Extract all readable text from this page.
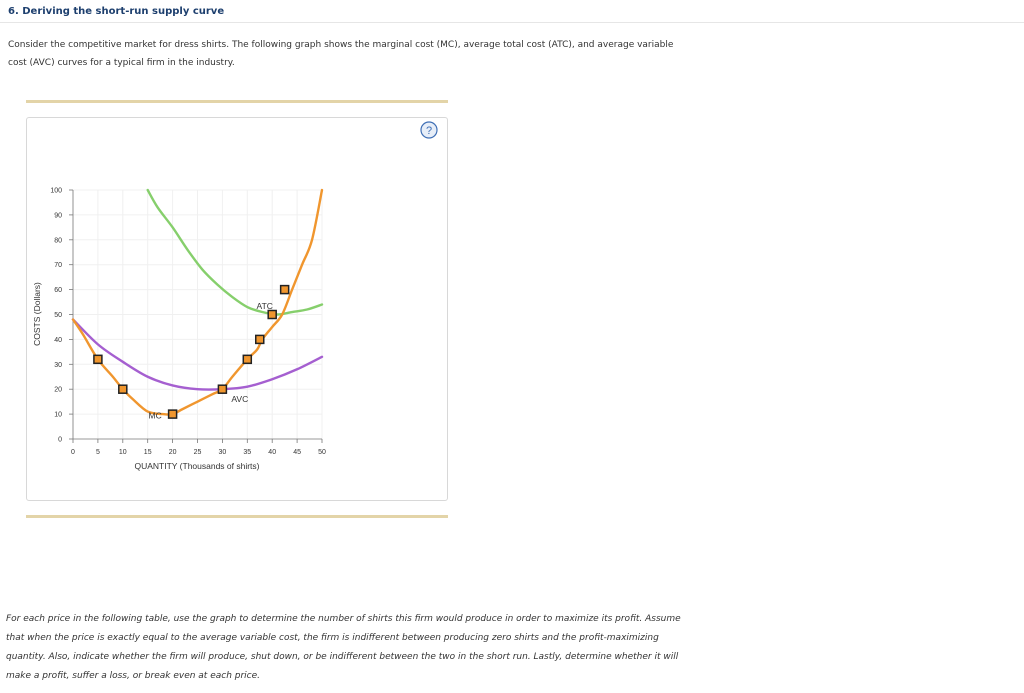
6. Deriving the short-run supply curve
Consider the competitive market for dress shirts. The following graph shows the marginal cost (MC), average total cost (ATC), and average variable
cost (AVC) curves for a typical firm in the industry.
?
0
10
20
30
40
50
60
70
80
90
100
0	5	10 15 20 25 30 35 40 45 50
MC
ATC
AVC
QUANTITY (Thousands of shirts)
COSTS (Dollars)
For each price in the following table, use the graph to determine the number of shirts this firm would produce in order to maximize its profit. Assume
that when the price is exactly equal to the average variable cost, the firm is indifferent between producing zero shirts and the profit-maximizing
quantity. Also, indicate whether the firm will produce, shut down, or be indifferent between the two in the short run. Lastly, determine whether it will
make a profit, suffer a loss, or break even at each price.
